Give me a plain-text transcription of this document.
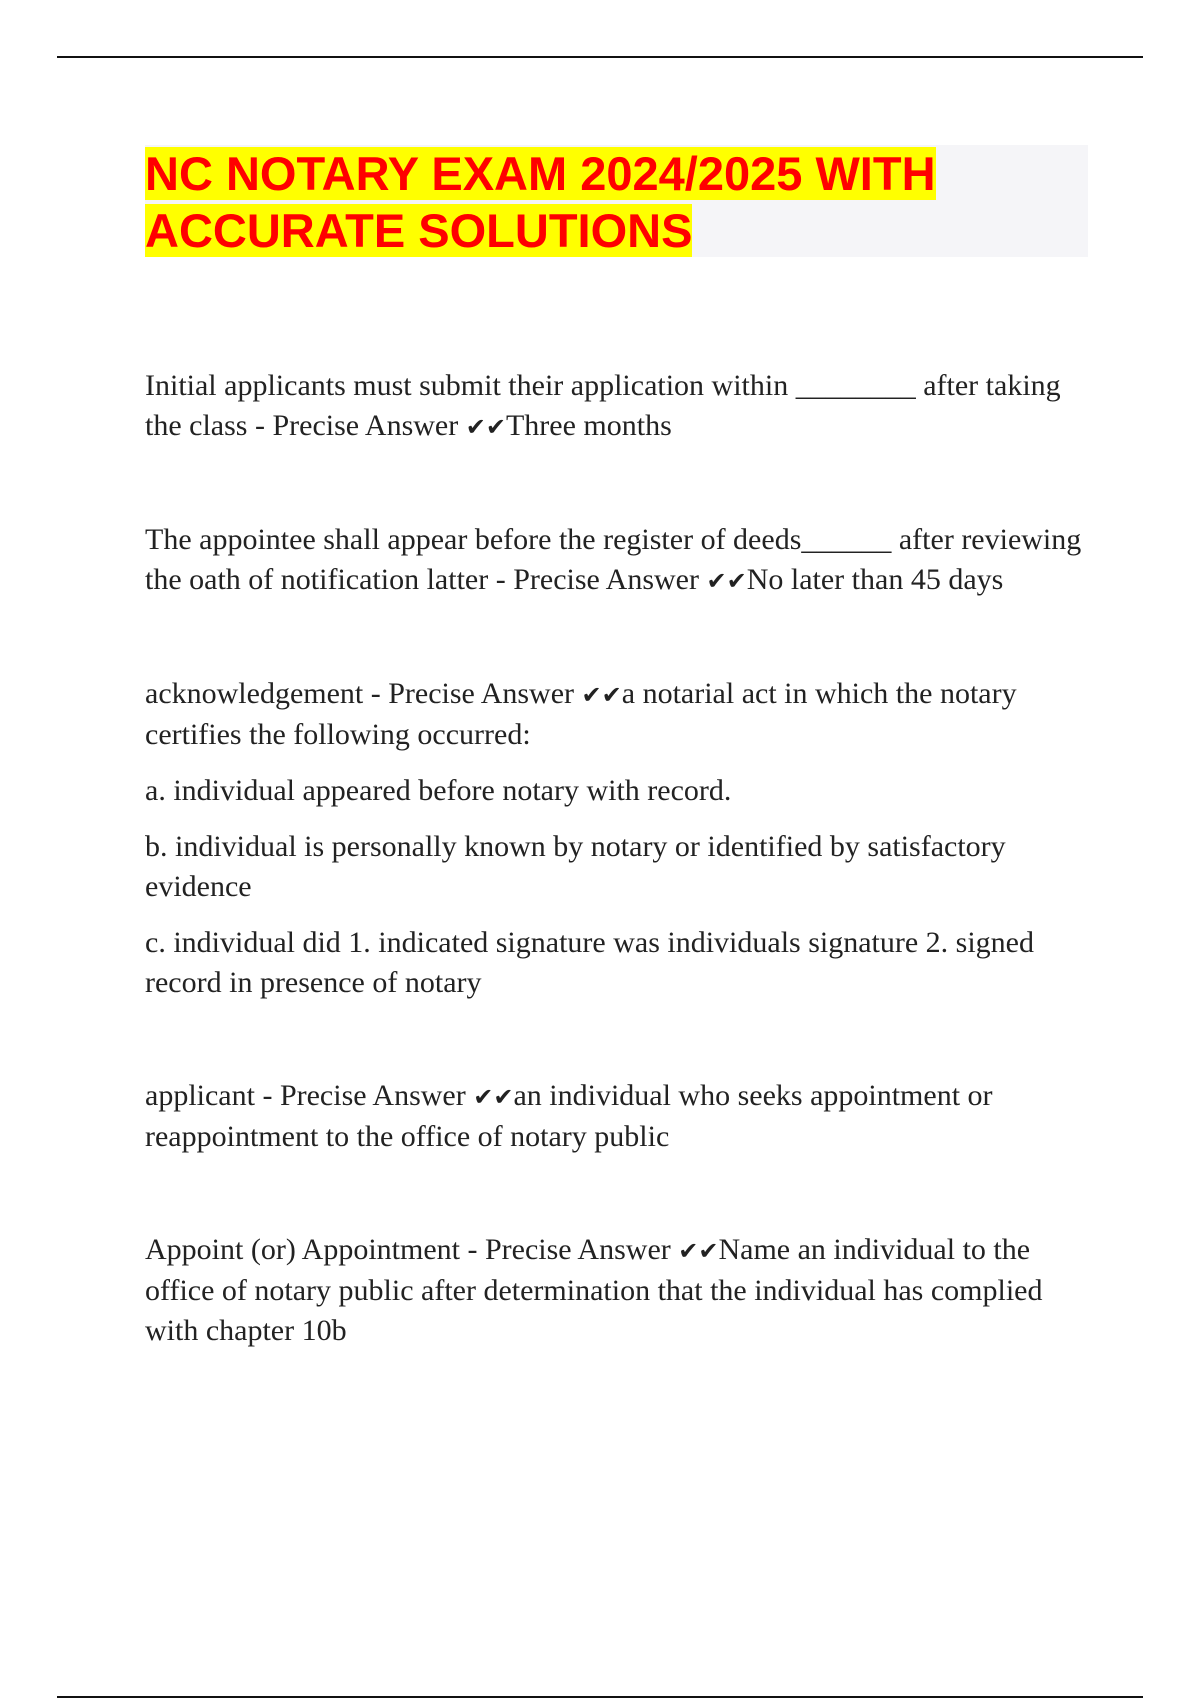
NC NOTARY EXAM 2024/2025 WITH
ACCURATE SOLUTIONS

Initial applicants must submit their application within ________ after taking the class - Precise Answer ✔✔Three months

The appointee shall appear before the register of deeds______ after reviewing the oath of notification latter - Precise Answer ✔✔No later than 45 days

acknowledgement - Precise Answer ✔✔a notarial act in which the notary certifies the following occurred:

a. individual appeared before notary with record.

b. individual is personally known by notary or identified by satisfactory evidence

c. individual did 1. indicated signature was individuals signature 2. signed record in presence of notary

applicant - Precise Answer ✔✔an individual who seeks appointment or reappointment to the office of notary public

Appoint (or) Appointment - Precise Answer ✔✔Name an individual to the office of notary public after determination that the individual has complied with chapter 10b
